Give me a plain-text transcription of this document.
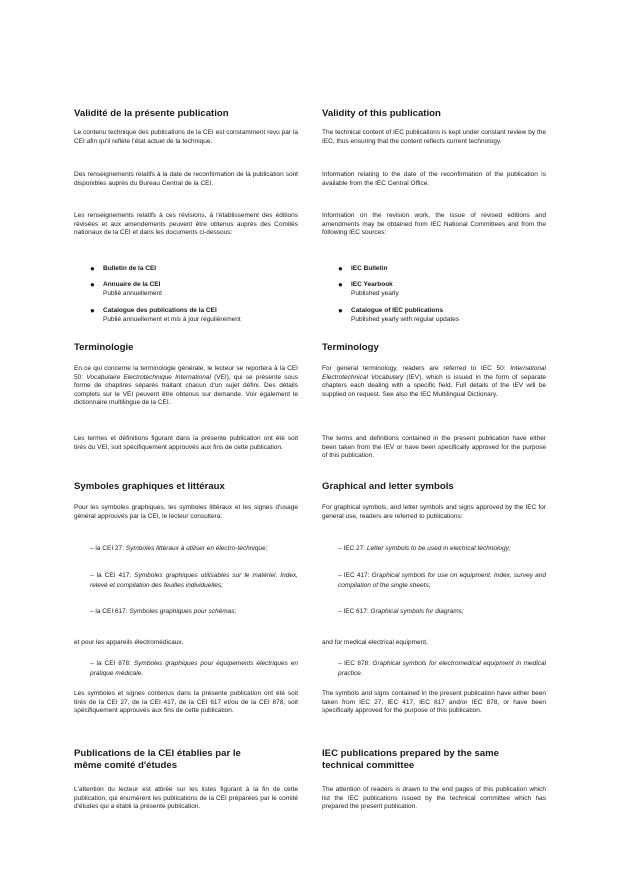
Validité de la présente publication

Le contenu technique des publications de la CEI est constamment revu par la CEI afin qu'il reflète l'état actuel de la technique.

Des renseignements relatifs à la date de reconfirmation de la publication sont disponibles auprès du Bureau Central de la CEI.

Les renseignements relatifs à ces révisions, à l'établissement des éditions révisées et aux amendements peuvent être obtenus auprès des Comités nationaux de la CEI et dans les documents ci-dessous:

● Bulletin de la CEI
● Annuaire de la CEI
Publié annuellement
● Catalogue des publications de la CEI
Publié annuellement et mis à jour régulièrement
Terminologie

En ce qui concerne la terminologie générale, le lecteur se reportera à la CEI 50: Vocabulaire Electrotechnique International (VEI), qui se présente sous forme de chapitres séparés traitant chacun d'un sujet défini. Des détails complets sur le VEI peuvent être obtenus sur demande. Voir également le dictionnaire multilingue de la CEI.

Les termes et définitions figurant dans la présente publication ont été soit tirés du VEI, soit spécifiquement approuvés aux fins de cette publication.

Symboles graphiques et littéraux

Pour les symboles graphiques, les symboles littéraux et les signes d'usage général approuvés par la CEI, le lecteur consultera:

– la CEI 27: Symboles littéraux à utiliser en électro-technique;
– la CEI 417: Symboles graphiques utilisables sur le matériel. Index, relevé et compilation des feuilles individuelles;
– la CEI 617: Symboles graphiques pour schémas;

et pour les appareils électromédicaux,

– la CEI 878: Symboles graphiques pour équipements électriques en pratique médicale.

Les symboles et signes contenus dans la présente publication ont été soit tirés de la CEI 27, de la CEI 417, de la CEI 617 et/ou de la CEI 878, soit spécifiquement approuvés aux fins de cette publication.

Publications de la CEI établies par le
même comité d'études

L'attention du lecteur est attirée sur les listes figurant à la fin de cette publication, qui énumèrent les publications de la CEI préparées par le comité d'études qui a établi la présente publication.

Validity of this publication

The technical content of IEC publications is kept under constant review by the IEC, thus ensuring that the content reflects current technology.

Information relating to the date of the reconfirmation of the publication is available from the IEC Central Office.

Information on the revision work, the issue of revised editions and amendments may be obtained from IEC National Committees and from the following IEC sources:

● IEC Bulletin
● IEC Yearbook
Published yearly
● Catalogue of IEC publications
Published yearly with regular updates
Terminology

For general terminology, readers are referred to IEC 50: International Electrotechnical Vocabulary (IEV), which is issued in the form of separate chapters each dealing with a specific field. Full details of the IEV will be supplied on request. See also the IEC Multilingual Dictionary.

The terms and definitions contained in the present publication have either been taken from the IEV or have been specifically approved for the purpose of this publication.

Graphical and letter symbols

For graphical symbols, and letter symbols and signs approved by the IEC for general use, readers are referred to publications:

– IEC 27: Letter symbols to be used in electrical technology;
– IEC 417: Graphical symbols for use on equipment. Index, survey and compilation of the single sheets;
– IEC 617: Graphical symbols for diagrams;

and for medical electrical equipment,

– IEC 878: Graphical symbols for electromedical equipment in medical practice.

The symbols and signs contained in the present publication have either been taken from IEC 27, IEC 417, IEC 617 and/or IEC 878, or have been specifically approved for the purpose of this publication.

IEC publications prepared by the same
technical committee

The attention of readers is drawn to the end pages of this publication which list the IEC publications issued by the technical committee which has prepared the present publication.
